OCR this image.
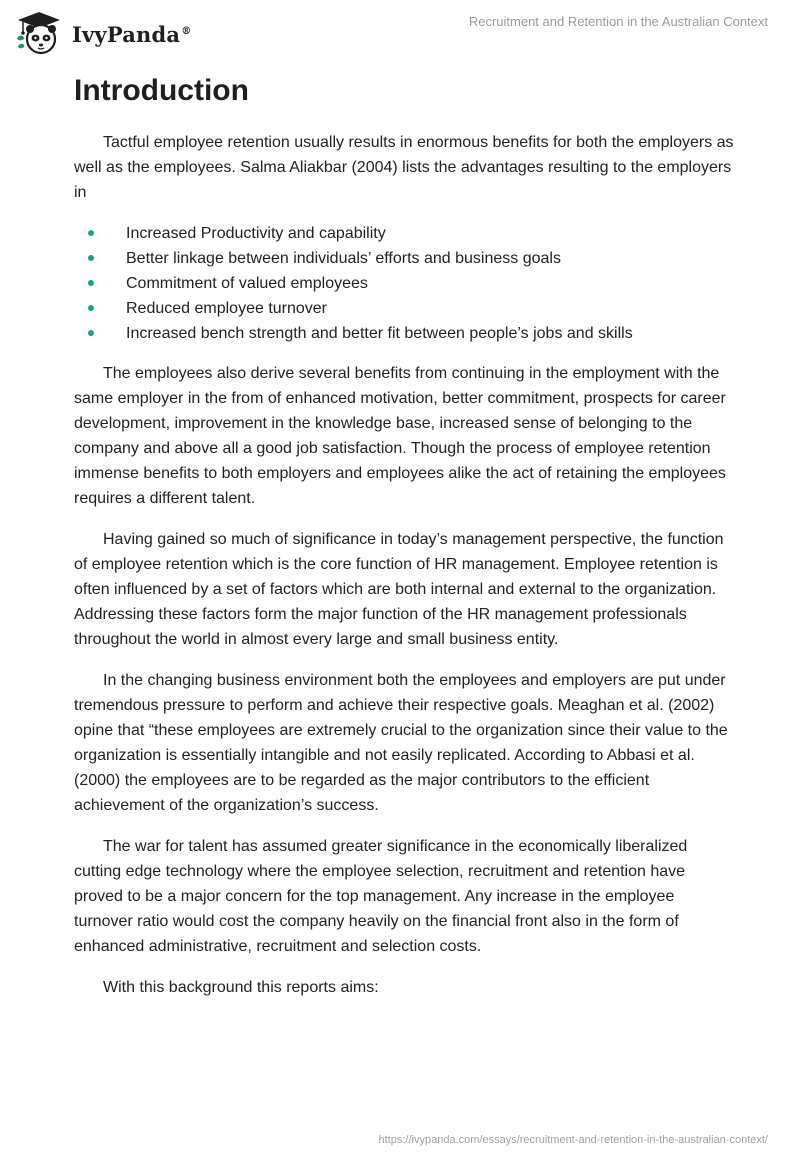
IvyPanda®
Recruitment and Retention in the Australian Context
Introduction

Tactful employee retention usually results in enormous benefits for both the employers as well as the employees. Salma Aliakbar (2004) lists the advantages resulting to the employers in

Increased Productivity and capability
Better linkage between individuals’ efforts and business goals
Commitment of valued employees
Reduced employee turnover
Increased bench strength and better fit between people’s jobs and skills

The employees also derive several benefits from continuing in the employment with the same employer in the from of enhanced motivation, better commitment, prospects for career development, improvement in the knowledge base, increased sense of belonging to the company and above all a good job satisfaction. Though the process of employee retention immense benefits to both employers and employees alike the act of retaining the employees requires a different talent.

Having gained so much of significance in today’s management perspective, the function of employee retention which is the core function of HR management. Employee retention is often influenced by a set of factors which are both internal and external to the organization. Addressing these factors form the major function of the HR management professionals throughout the world in almost every large and small business entity.

In the changing business environment both the employees and employers are put under tremendous pressure to perform and achieve their respective goals. Meaghan et al. (2002) opine that “these employees are extremely crucial to the organization since their value to the organization is essentially intangible and not easily replicated. According to Abbasi et al. (2000) the employees are to be regarded as the major contributors to the efficient achievement of the organization’s success.

The war for talent has assumed greater significance in the economically liberalized cutting edge technology where the employee selection, recruitment and retention have proved to be a major concern for the top management. Any increase in the employee turnover ratio would cost the company heavily on the financial front also in the form of enhanced administrative, recruitment and selection costs.

With this background this reports aims:

https://ivypanda.com/essays/recruitment-and-retention-in-the-australian-context/
